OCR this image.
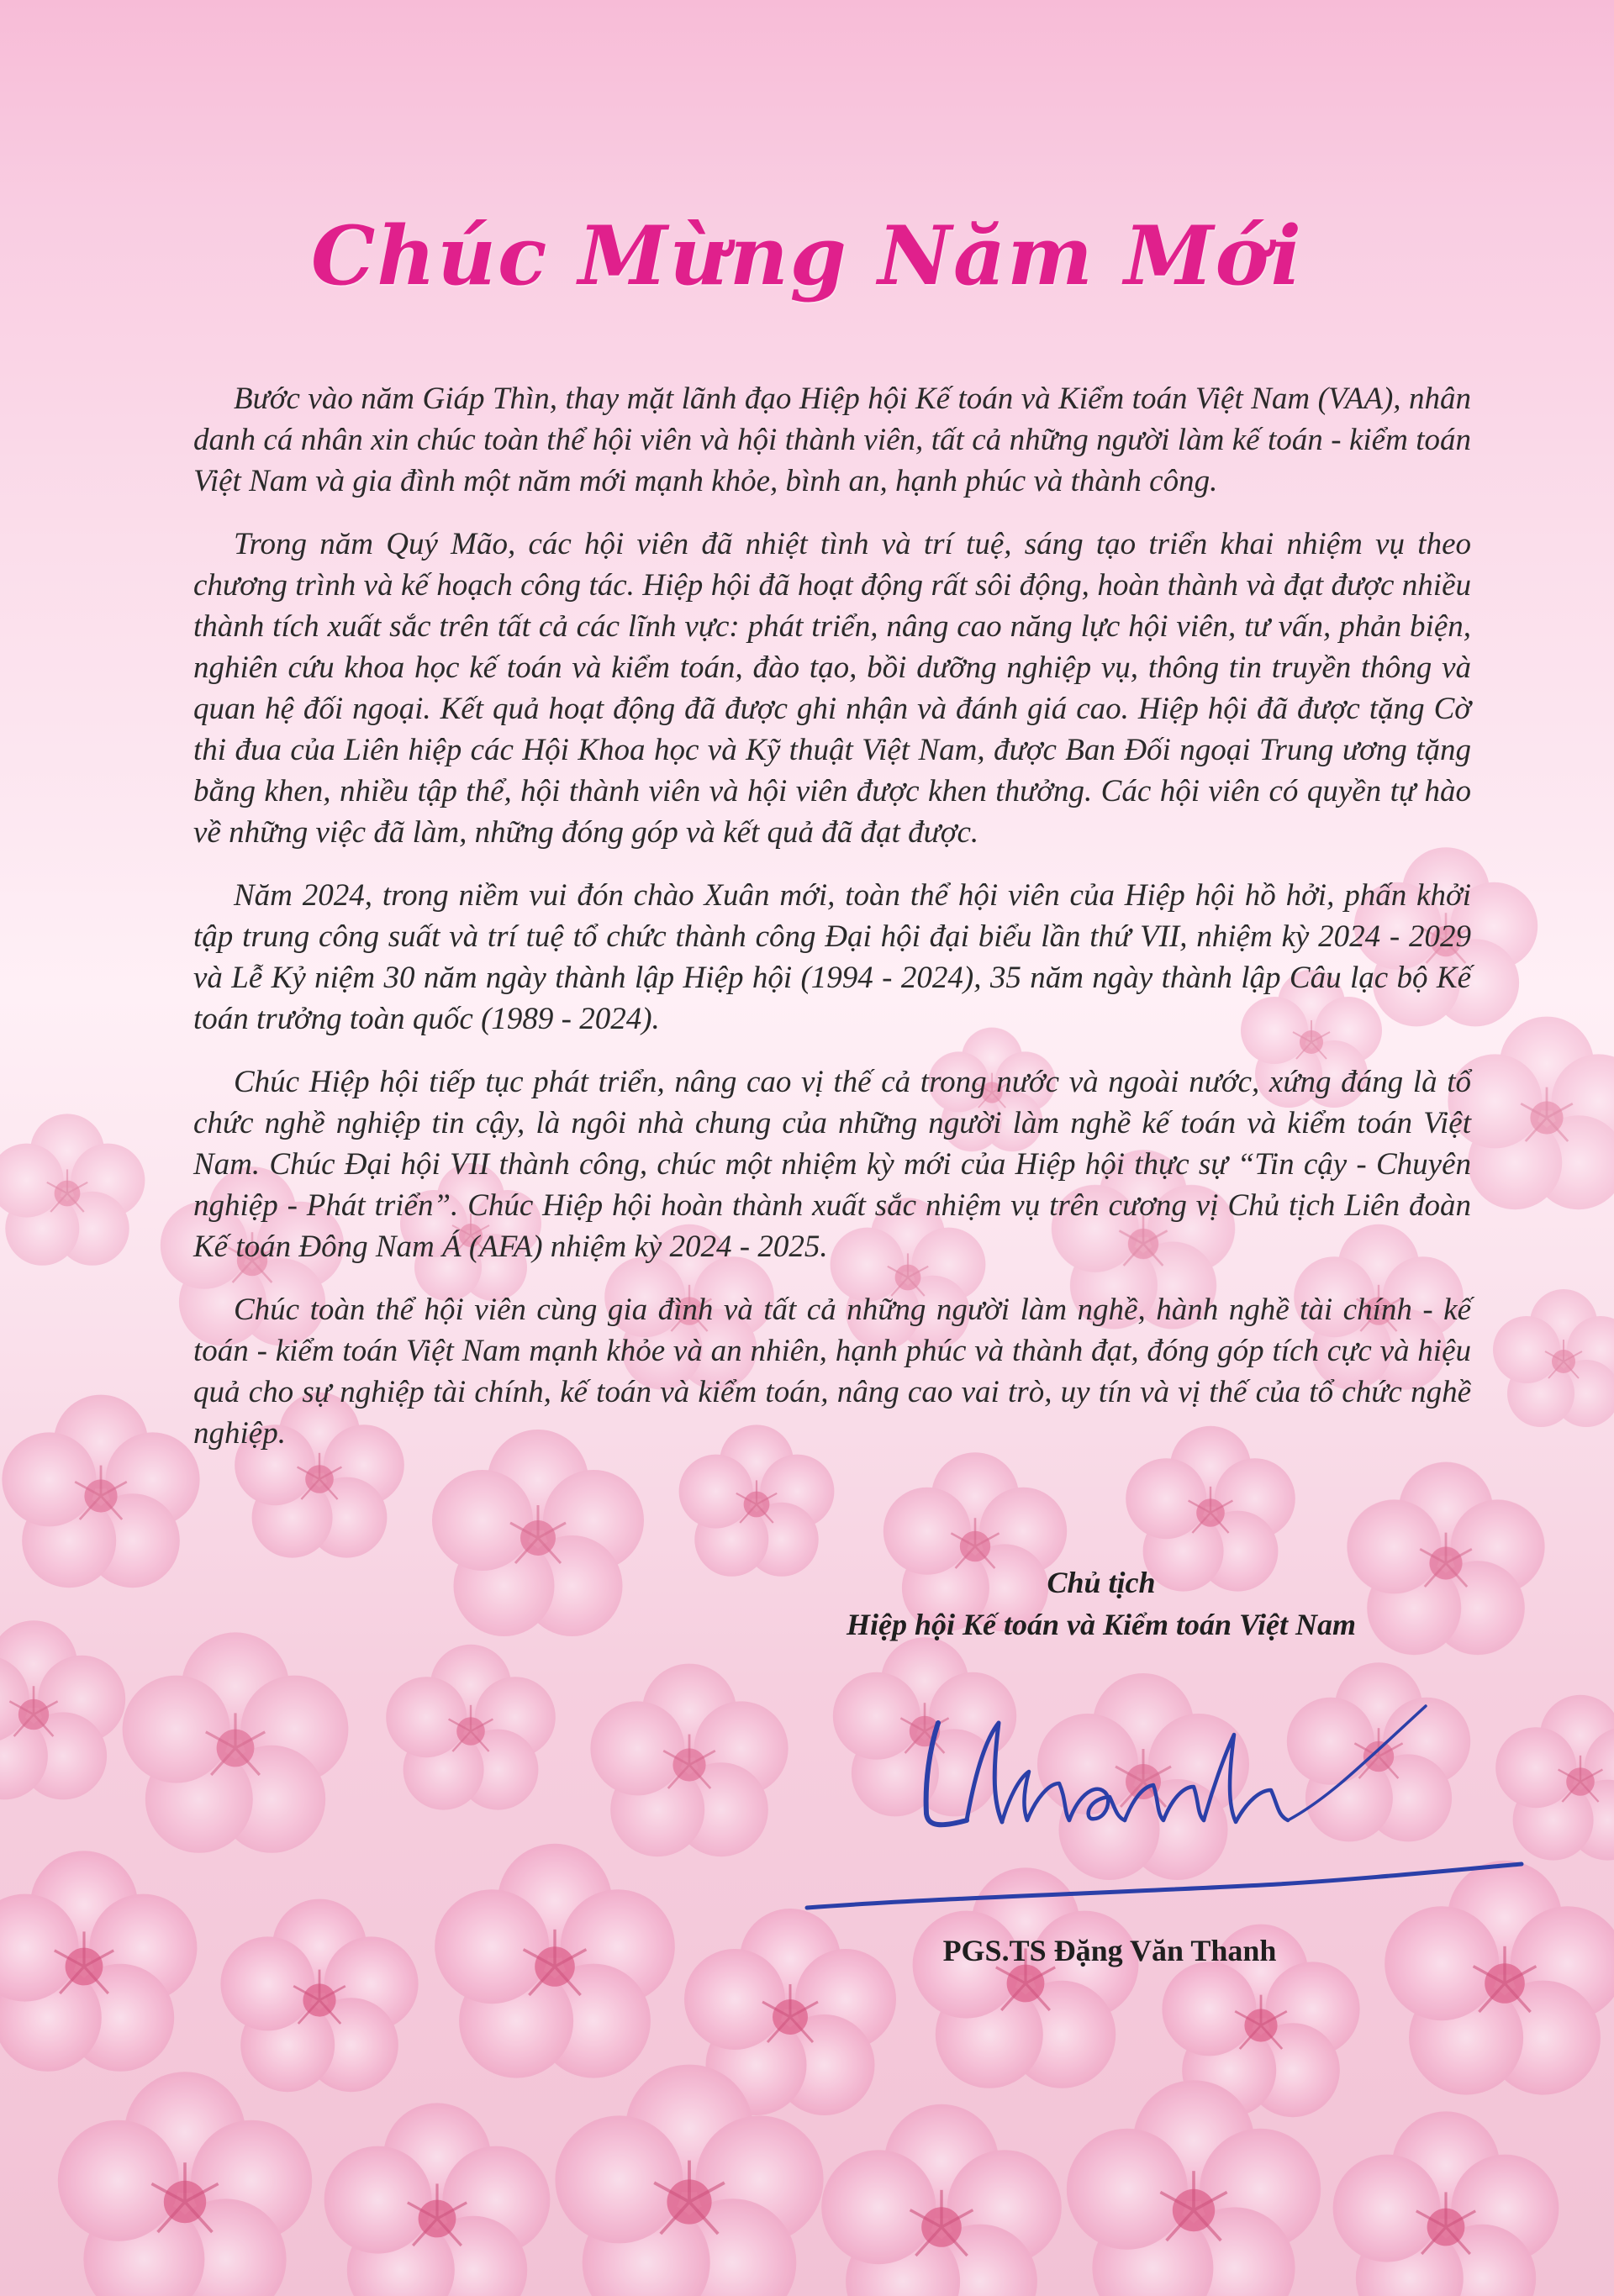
Chúc Mừng Năm Mới

Bước vào năm Giáp Thìn, thay mặt lãnh đạo Hiệp hội Kế toán và Kiểm toán Việt Nam (VAA), nhân danh cá nhân xin chúc toàn thể hội viên và hội thành viên, tất cả những người làm kế toán - kiểm toán Việt Nam và gia đình một năm mới mạnh khỏe, bình an, hạnh phúc và thành công.

Trong năm Quý Mão, các hội viên đã nhiệt tình và trí tuệ, sáng tạo triển khai nhiệm vụ theo chương trình và kế hoạch công tác. Hiệp hội đã hoạt động rất sôi động, hoàn thành và đạt được nhiều thành tích xuất sắc trên tất cả các lĩnh vực: phát triển, nâng cao năng lực hội viên, tư vấn, phản biện, nghiên cứu khoa học kế toán và kiểm toán, đào tạo, bồi dưỡng nghiệp vụ, thông tin truyền thông và quan hệ đối ngoại. Kết quả hoạt động đã được ghi nhận và đánh giá cao. Hiệp hội đã được tặng Cờ thi đua của Liên hiệp các Hội Khoa học và Kỹ thuật Việt Nam, được Ban Đối ngoại Trung ương tặng bằng khen, nhiều tập thể, hội thành viên và hội viên được khen thưởng. Các hội viên có quyền tự hào về những việc đã làm, những đóng góp và kết quả đã đạt được.

Năm 2024, trong niềm vui đón chào Xuân mới, toàn thể hội viên của Hiệp hội hồ hởi, phấn khởi tập trung công suất và trí tuệ tổ chức thành công Đại hội đại biểu lần thứ VII, nhiệm kỳ 2024 - 2029 và Lễ Kỷ niệm 30 năm ngày thành lập Hiệp hội (1994 - 2024), 35 năm ngày thành lập Câu lạc bộ Kế toán trưởng toàn quốc (1989 - 2024).

Chúc Hiệp hội tiếp tục phát triển, nâng cao vị thế cả trong nước và ngoài nước, xứng đáng là tổ chức nghề nghiệp tin cậy, là ngôi nhà chung của những người làm nghề kế toán và kiểm toán Việt Nam. Chúc Đại hội VII thành công, chúc một nhiệm kỳ mới của Hiệp hội thực sự “Tin cậy - Chuyên nghiệp - Phát triển”. Chúc Hiệp hội hoàn thành xuất sắc nhiệm vụ trên cương vị Chủ tịch Liên đoàn Kế toán Đông Nam Á (AFA) nhiệm kỳ 2024 - 2025.

Chúc toàn thể hội viên cùng gia đình và tất cả những người làm nghề, hành nghề tài chính - kế toán - kiểm toán Việt Nam mạnh khỏe và an nhiên, hạnh phúc và thành đạt, đóng góp tích cực và hiệu quả cho sự nghiệp tài chính, kế toán và kiểm toán, nâng cao vai trò, uy tín và vị thế của tổ chức nghề nghiệp.

Chủ tịch
Hiệp hội Kế toán và Kiểm toán Việt Nam
PGS.TS Đặng Văn Thanh
